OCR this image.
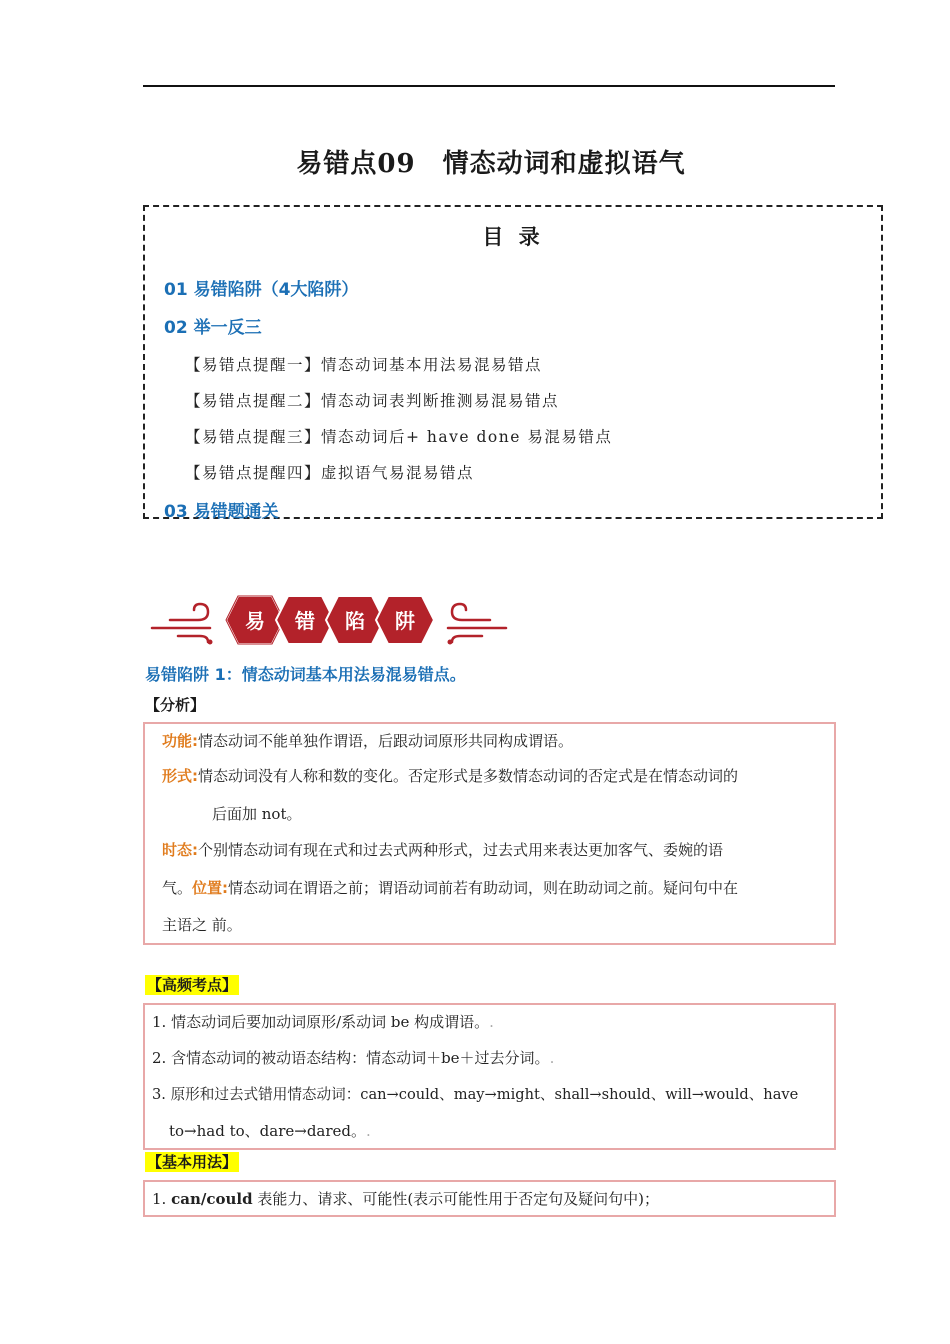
易错点09　情态动词和虚拟语气
目 录
01 易错陷阱（4大陷阱）
02 举一反三
【易错点提醒一】情态动词基本用法易混易错点
【易错点提醒二】情态动词表判断推测易混易错点
【易错点提醒三】情态动词后+ have done 易混易错点
【易错点提醒四】虚拟语气易混易错点
03 易错题通关
易 错 陷 阱
易错陷阱 1：情态动词基本用法易混易错点。
【分析】
功能:情态动词不能单独作谓语，后跟动词原形共同构成谓语。
形式:情态动词没有人称和数的变化。否定形式是多数情态动词的否定式是在情态动词的
后面加 not。
时态:个别情态动词有现在式和过去式两种形式，过去式用来表达更加客气、委婉的语
气。位置:情态动词在谓语之前；谓语动词前若有助动词，则在助动词之前。疑问句中在
主语之 前。
【高频考点】
1. 情态动词后要加动词原形/系动词 be 构成谓语。.
2. 含情态动词的被动语态结构：情态动词＋be＋过去分词。.
3. 原形和过去式错用情态动词：can→could、may→might、shall→should、will→would、have
to→had to、dare→dared。.
【基本用法】
1. can/could 表能力、请求、可能性(表示可能性用于否定句及疑问句中)；
